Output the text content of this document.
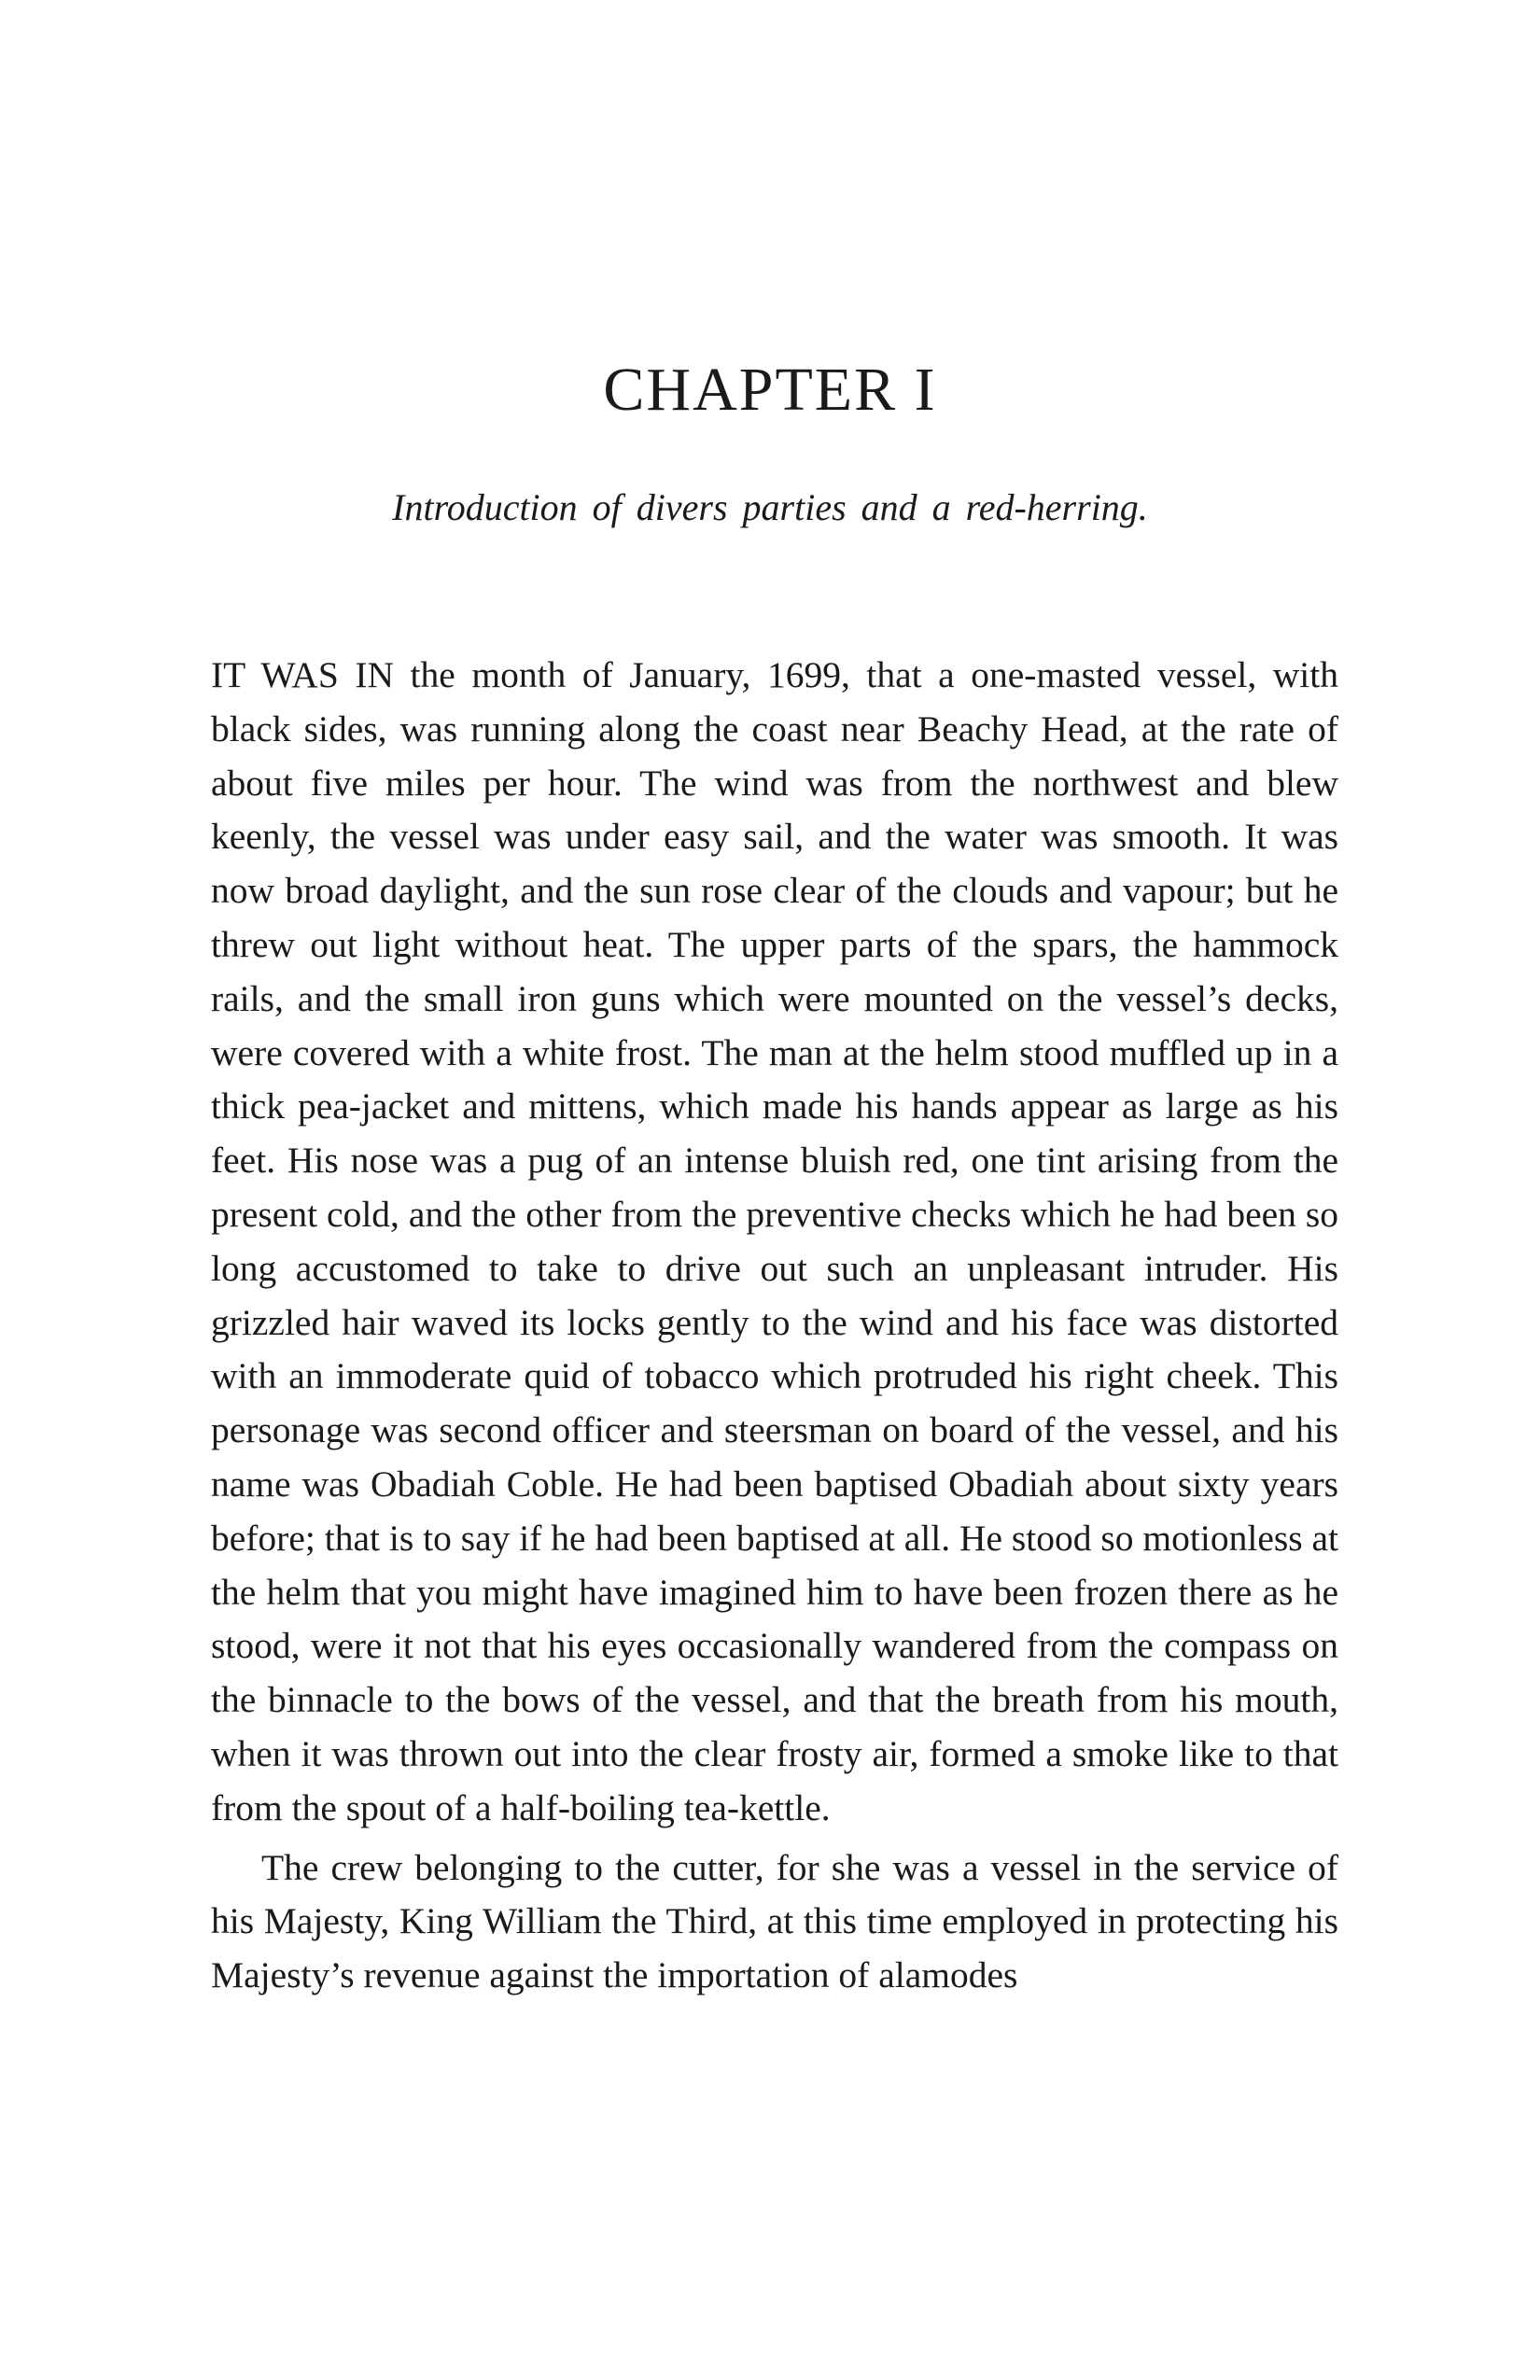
CHAPTER I

Introduction of divers parties and a red-herring.

IT WAS IN the month of January, 1699, that a one-masted vessel, with black sides, was running along the coast near Beachy Head, at the rate of about five miles per hour. The wind was from the northwest and blew keenly, the vessel was under easy sail, and the water was smooth. It was now broad daylight, and the sun rose clear of the clouds and vapour; but he threw out light without heat. The upper parts of the spars, the hammock rails, and the small iron guns which were mounted on the vessel’s decks, were covered with a white frost. The man at the helm stood muffled up in a thick pea-jacket and mittens, which made his hands appear as large as his feet. His nose was a pug of an intense bluish red, one tint arising from the present cold, and the other from the preventive checks which he had been so long accustomed to take to drive out such an unpleasant intruder. His grizzled hair waved its locks gently to the wind and his face was distorted with an immoderate quid of tobacco which protruded his right cheek. This personage was second officer and steersman on board of the vessel, and his name was Obadiah Coble. He had been baptised Obadiah about sixty years before; that is to say if he had been baptised at all. He stood so motionless at the helm that you might have imagined him to have been frozen there as he stood, were it not that his eyes occasionally wandered from the compass on the binnacle to the bows of the vessel, and that the breath from his mouth, when it was thrown out into the clear frosty air, formed a smoke like to that from the spout of a half-boiling tea-kettle.

The crew belonging to the cutter, for she was a vessel in the service of his Majesty, King William the Third, at this time employed in protecting his Majesty’s revenue against the importation of alamodes
